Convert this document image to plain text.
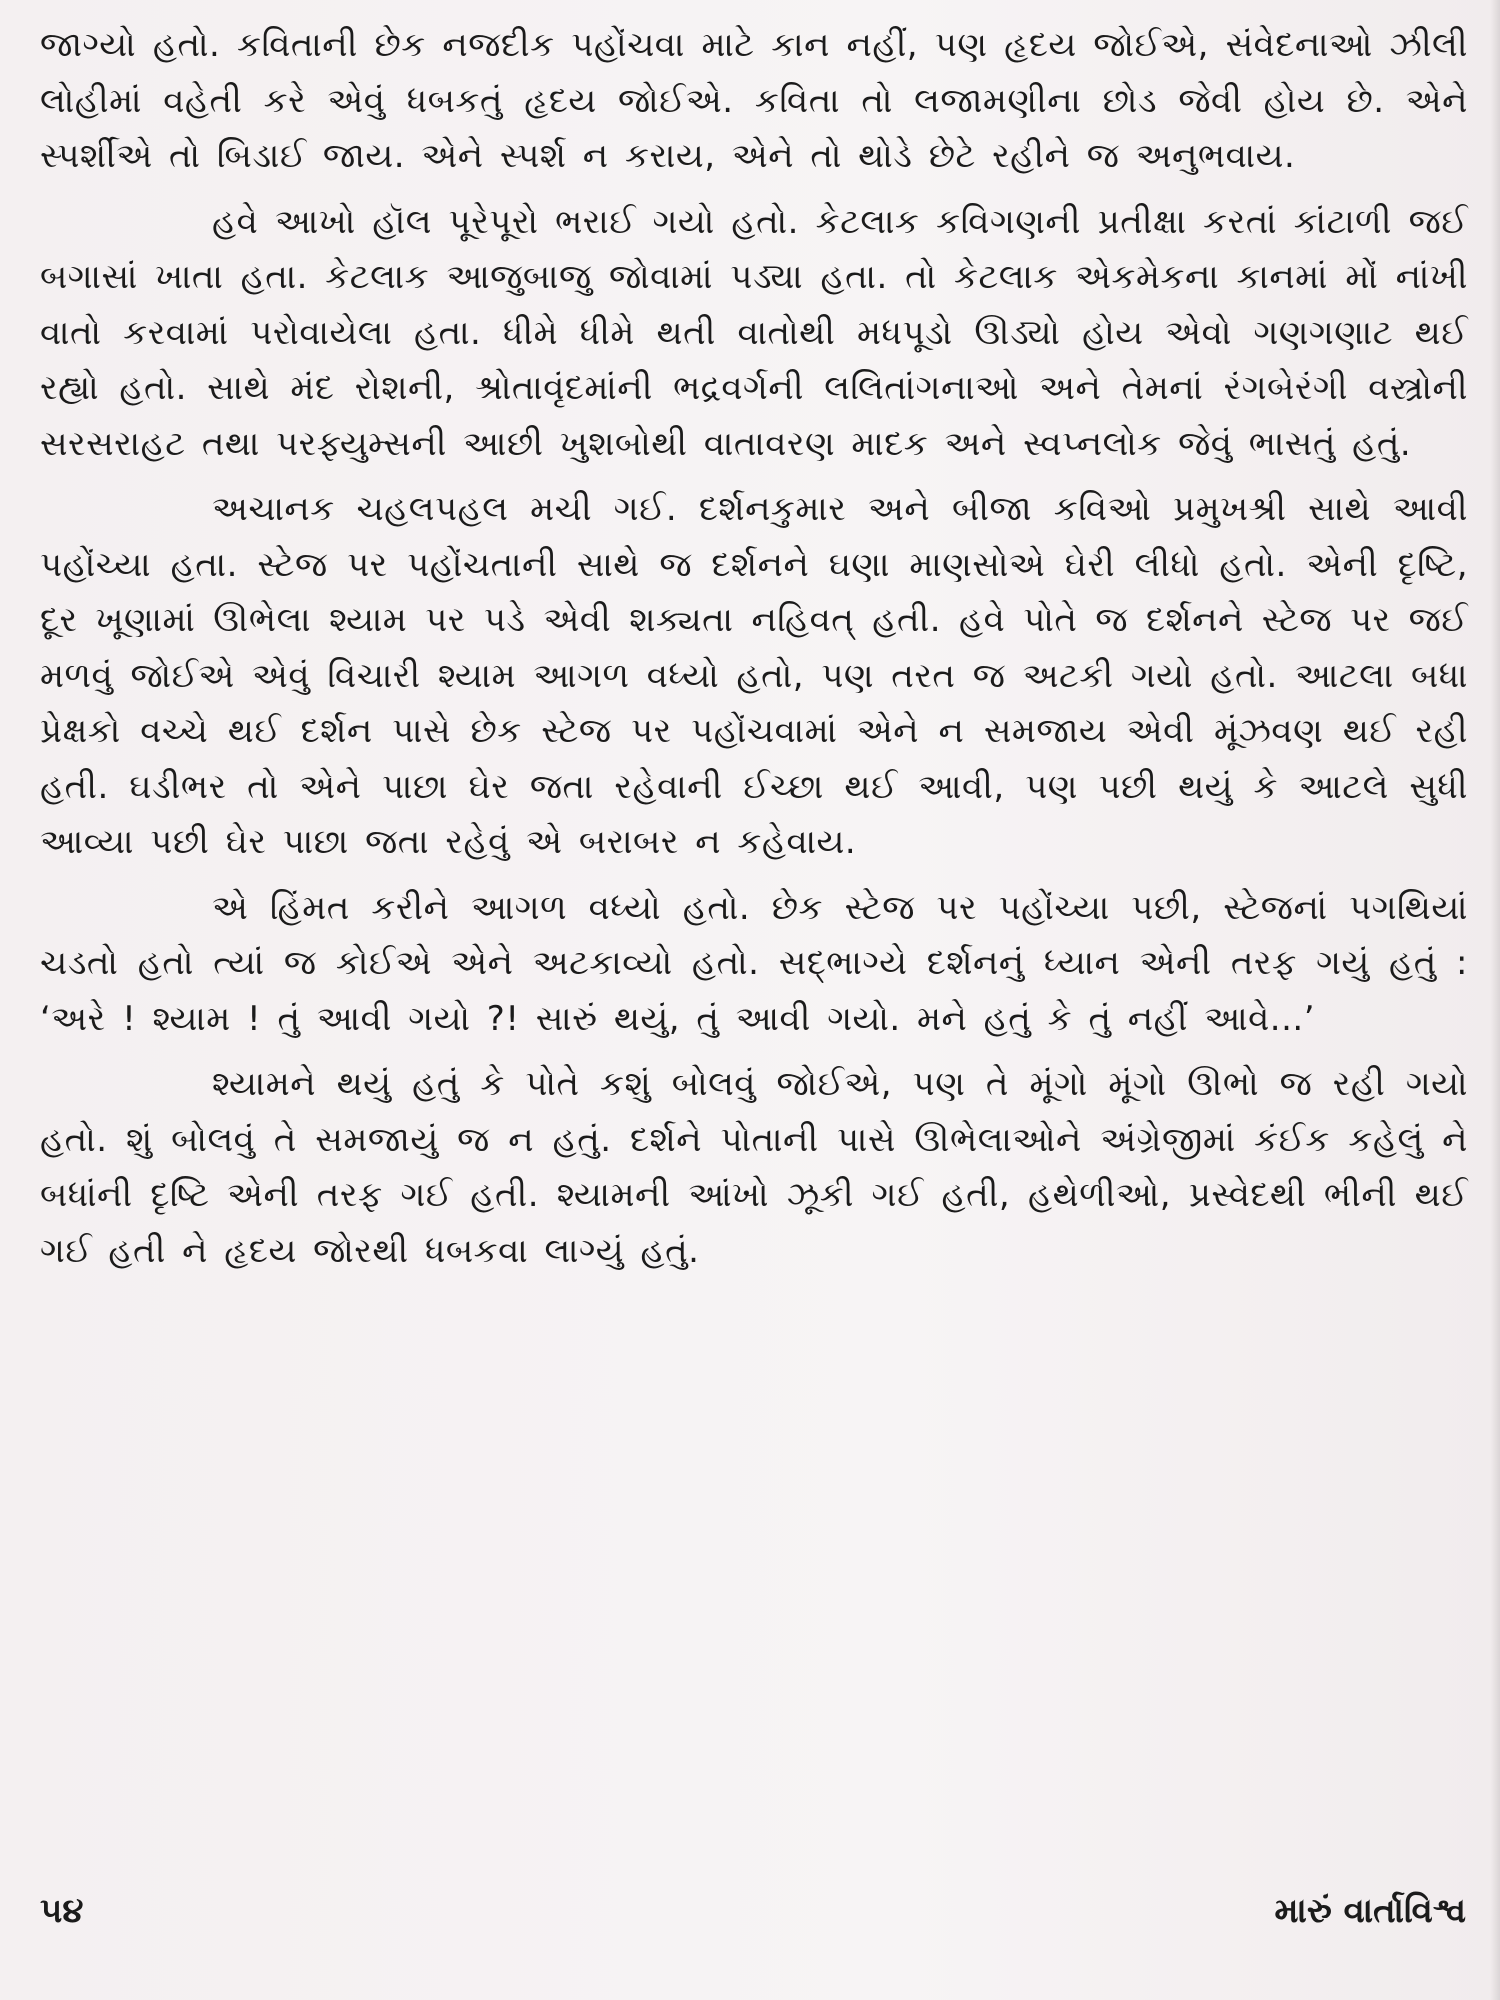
જાગ્યો હતો. કવિતાની છેક નજદીક પહોંચવા માટે કાન નહીં, પણ હૃદય જોઈએ, સંવેદનાઓ ઝીલી લોહીમાં વહેતી કરે એવું ધબકતું હૃદય જોઈએ. કવિતા તો લજામણીના છોડ જેવી હોય છે. એને સ્પર્શીએ તો બિડાઈ જાય. એને સ્પર્શ ન કરાય, એને તો થોડે છેટે રહીને જ અનુભવાય.

હવે આખો હૉલ પૂરેપૂરો ભરાઈ ગયો હતો. કેટલાક કવિગણની પ્રતીક્ષા કરતાં કાંટાળી જઈ બગાસાં ખાતા હતા. કેટલાક આજુબાજુ જોવામાં પડ્યા હતા. તો કેટલાક એકમેકના કાનમાં મોં નાંખી વાતો કરવામાં પરોવાયેલા હતા. ધીમે ધીમે થતી વાતોથી મધપૂડો ઊડ્યો હોય એવો ગણગણાટ થઈ રહ્યો હતો. સાથે મંદ રોશની, શ્રોતાવૃંદમાંની ભદ્રવર્ગની લલિતાંગનાઓ અને તેમનાં રંગબેરંગી વસ્ત્રોની સરસરાહટ તથા પરફ્યુમ્સની આછી ખુશબોથી વાતાવરણ માદક અને સ્વપ્નલોક જેવું ભાસતું હતું.

અચાનક ચહલપહલ મચી ગઈ. દર્શનકુમાર અને બીજા કવિઓ પ્રમુખશ્રી સાથે આવી પહોંચ્યા હતા. સ્ટેજ પર પહોંચતાની સાથે જ દર્શનને ઘણા માણસોએ ઘેરી લીધો હતો. એની દૃષ્ટિ, દૂર ખૂણામાં ઊભેલા શ્યામ પર પડે એવી શક્યતા નહિવત્ હતી. હવે પોતે જ દર્શનને સ્ટેજ પર જઈ મળવું જોઈએ એવું વિચારી શ્યામ આગળ વધ્યો હતો, પણ તરત જ અટકી ગયો હતો. આટલા બધા પ્રેક્ષકો વચ્ચે થઈ દર્શન પાસે છેક સ્ટેજ પર પહોંચવામાં એને ન સમજાય એવી મૂંઝવણ થઈ રહી હતી. ઘડીભર તો એને પાછા ઘેર જતા રહેવાની ઈચ્છા થઈ આવી, પણ પછી થયું કે આટલે સુધી આવ્યા પછી ઘેર પાછા જતા રહેવું એ બરાબર ન કહેવાય.

એ હિંમત કરીને આગળ વધ્યો હતો. છેક સ્ટેજ પર પહોંચ્યા પછી, સ્ટેજનાં પગથિયાં ચડતો હતો ત્યાં જ કોઈએ એને અટકાવ્યો હતો. સદ્ભાગ્યે દર્શનનું ધ્યાન એની તરફ ગયું હતું : ‘અરે ! શ્યામ ! તું આવી ગયો ?! સારું થયું, તું આવી ગયો. મને હતું કે તું નહીં આવે...’

શ્યામને થયું હતું કે પોતે કશું બોલવું જોઈએ, પણ તે મૂંગો મૂંગો ઊભો જ રહી ગયો હતો. શું બોલવું તે સમજાયું જ ન હતું. દર્શને પોતાની પાસે ઊભેલાઓને અંગ્રેજીમાં કંઈક કહેલું ને બધાંની દૃષ્ટિ એની તરફ ગઈ હતી. શ્યામની આંખો ઝૂકી ગઈ હતી, હથેળીઓ, પ્રસ્વેદથી ભીની થઈ ગઈ હતી ને હૃદય જોરથી ધબકવા લાગ્યું હતું.

૫૪	મારું વાર્તાવિશ્વ
